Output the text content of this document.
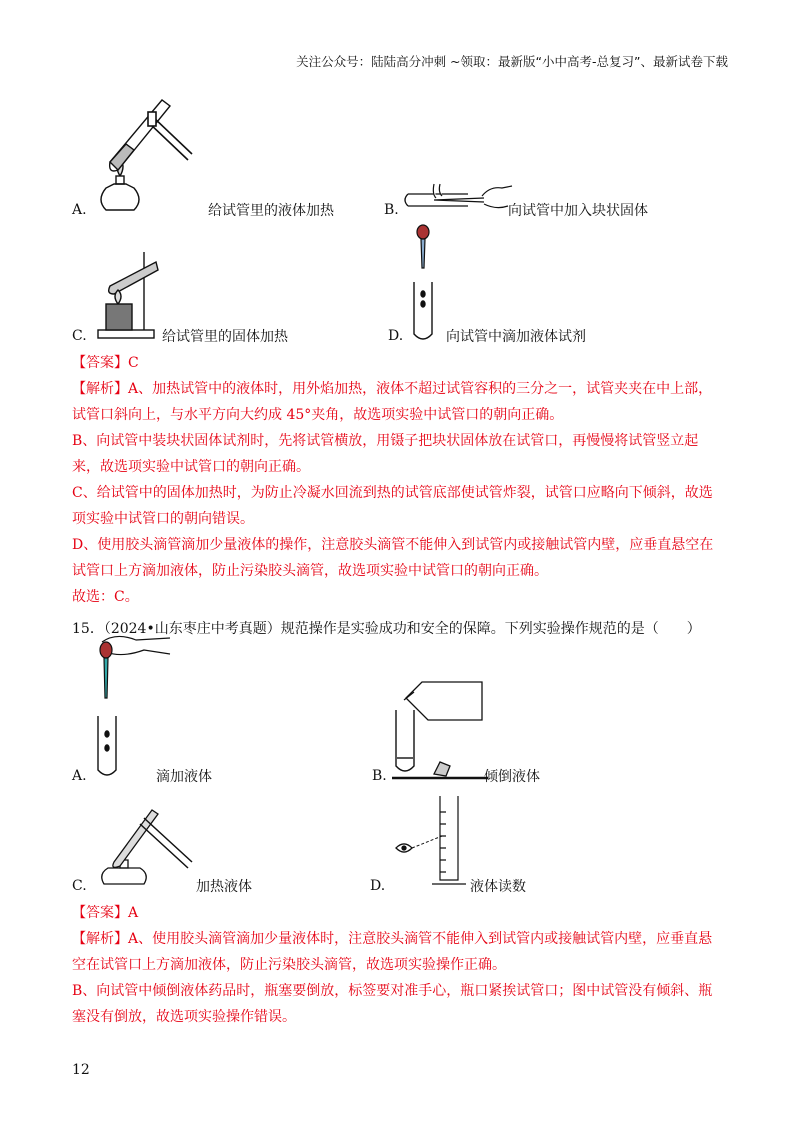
关注公众号：陆陆高分冲刺 ~领取：最新版“小中高考-总复习”、最新试卷下载
A.	给试管里的液体加热	B.	向试管中加入块状固体
C.	给试管里的固体加热	D.	向试管中滴加液体试剂
【答案】C
【解析】A、加热试管中的液体时，用外焰加热，液体不超过试管容积的三分之一，试管夹夹在中上部，
试管口斜向上，与水平方向大约成 45°夹角，故选项实验中试管口的朝向正确。
B、向试管中装块状固体试剂时，先将试管横放，用镊子把块状固体放在试管口，再慢慢将试管竖立起
来，故选项实验中试管口的朝向正确。
C、给试管中的固体加热时，为防止冷凝水回流到热的试管底部使试管炸裂，试管口应略向下倾斜，故选
项实验中试管口的朝向错误。
D、使用胶头滴管滴加少量液体的操作，注意胶头滴管不能伸入到试管内或接触试管内壁，应垂直悬空在
试管口上方滴加液体，防止污染胶头滴管，故选项实验中试管口的朝向正确。
故选：C。
15．（2024•山东枣庄中考真题）规范操作是实验成功和安全的保障。下列实验操作规范的是（　　）
A.	滴加液体	B.	倾倒液体
C.	加热液体	D.	液体读数
【答案】A
【解析】A、使用胶头滴管滴加少量液体时，注意胶头滴管不能伸入到试管内或接触试管内壁，应垂直悬
空在试管口上方滴加液体，防止污染胶头滴管，故选项实验操作正确。
B、向试管中倾倒液体药品时，瓶塞要倒放，标签要对准手心，瓶口紧挨试管口；图中试管没有倾斜、瓶
塞没有倒放，故选项实验操作错误。
12
